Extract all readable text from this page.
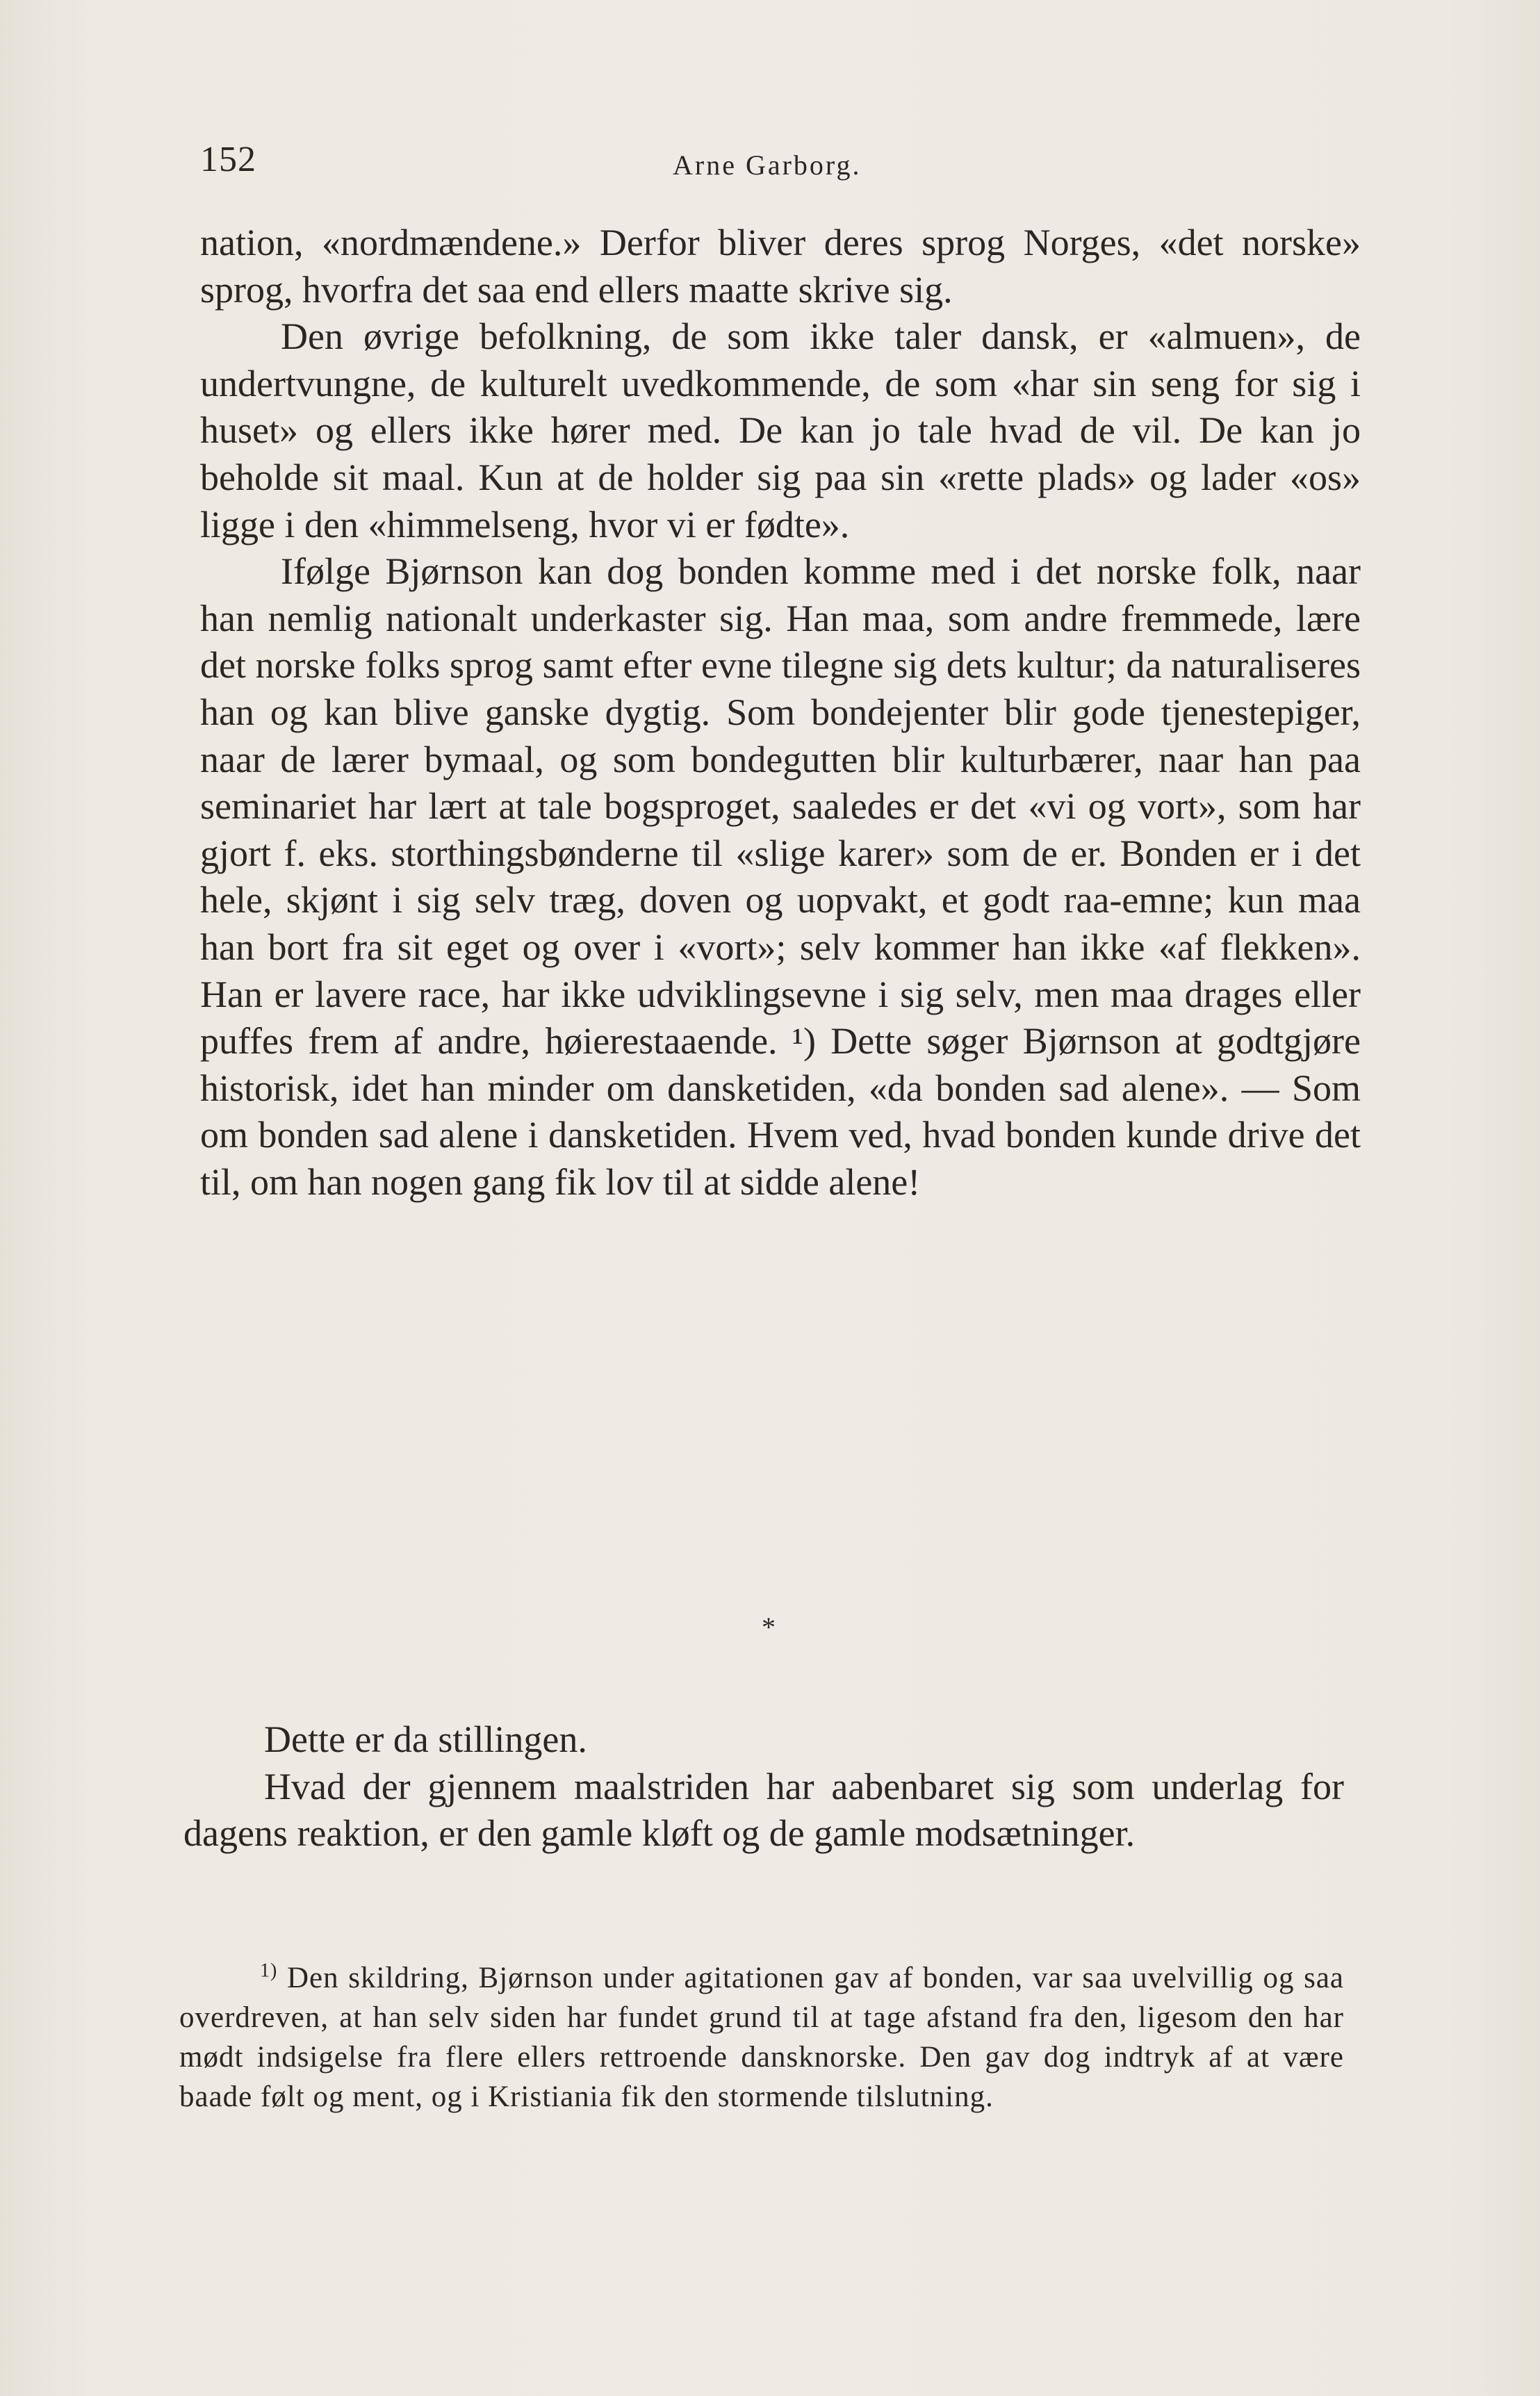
152	Arne Garborg.

nation, «nordmændene.» Derfor bliver deres sprog Norges, «det norske» sprog, hvorfra det saa end ellers maatte skrive sig.

Den øvrige befolkning, de som ikke taler dansk, er «almuen», de undertvungne, de kulturelt uvedkommende, de som «har sin seng for sig i huset» og ellers ikke hører med. De kan jo tale hvad de vil. De kan jo beholde sit maal. Kun at de holder sig paa sin «rette plads» og lader «os» ligge i den «himmelseng, hvor vi er fødte».

Ifølge Bjørnson kan dog bonden komme med i det norske folk, naar han nemlig nationalt underkaster sig. Han maa, som andre fremmede, lære det norske folks sprog samt efter evne tilegne sig dets kultur; da naturaliseres han og kan blive ganske dygtig. Som bondejenter blir gode tjenestepiger, naar de lærer bymaal, og som bondegutten blir kulturbærer, naar han paa seminariet har lært at tale bogsproget, saaledes er det «vi og vort», som har gjort f. eks. storthingsbønderne til «slige karer» som de er. Bonden er i det hele, skjønt i sig selv træg, doven og uopvakt, et godt raa-emne; kun maa han bort fra sit eget og over i «vort»; selv kommer han ikke «af flekken». Han er lavere race, har ikke udviklingsevne i sig selv, men maa drages eller puffes frem af andre, høierestaaende. ¹) Dette søger Bjørnson at godtgjøre historisk, idet han minder om dansketiden, «da bonden sad alene». — Som om bonden sad alene i dansketiden. Hvem ved, hvad bonden kunde drive det til, om han nogen gang fik lov til at sidde alene!

*

Dette er da stillingen.

Hvad der gjennem maalstriden har aabenbaret sig som underlag for dagens reaktion, er den gamle kløft og de gamle modsætninger.

$^{1)}$ Den skildring, Bjørnson under agitationen gav af bonden, var saa uvelvillig og saa overdreven, at han selv siden har fundet grund til at tage afstand fra den, ligesom den har mødt indsigelse fra flere ellers rettroende dansknorske. Den gav dog indtryk af at være baade følt og ment, og i Kristiania fik den stormende tilslutning.
